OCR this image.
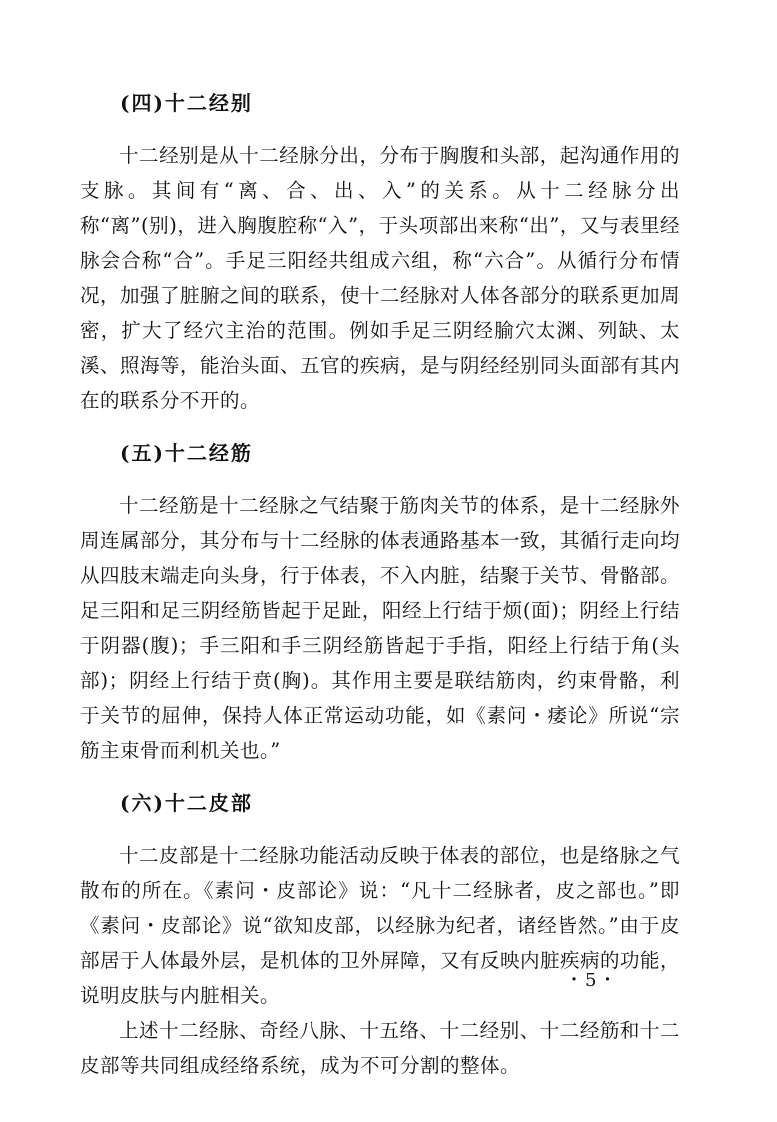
(四)十二经别

十二经别是从十二经脉分出，分布于胸腹和头部，起沟通作用的支脉。其间有“离、合、出、入”的关系。从十二经脉分出称“离”(别)，进入胸腹腔称“入”，于头项部出来称“出”，又与表里经脉会合称“合”。手足三阳经共组成六组，称“六合”。从循行分布情况，加强了脏腑之间的联系，使十二经脉对人体各部分的联系更加周密，扩大了经穴主治的范围。例如手足三阴经腧穴太渊、列缺、太溪、照海等，能治头面、五官的疾病，是与阴经经别同头面部有其内在的联系分不开的。

(五)十二经筋

十二经筋是十二经脉之气结聚于筋肉关节的体系，是十二经脉外周连属部分，其分布与十二经脉的体表通路基本一致，其循行走向均从四肢末端走向头身，行于体表，不入内脏，结聚于关节、骨骼部。足三阳和足三阴经筋皆起于足趾，阳经上行结于烦(面)；阴经上行结于阴器(腹)；手三阳和手三阴经筋皆起于手指，阳经上行结于角(头部)；阴经上行结于贲(胸)。其作用主要是联结筋肉，约束骨骼，利于关节的屈伸，保持人体正常运动功能，如《素问・痿论》所说“宗筋主束骨而利机关也。”

(六)十二皮部

十二皮部是十二经脉功能活动反映于体表的部位，也是络脉之气散布的所在。《素问・皮部论》说：“凡十二经脉者，皮之部也。”即《素问・皮部论》说“欲知皮部，以经脉为纪者，诸经皆然。”由于皮部居于人体最外层，是机体的卫外屏障，又有反映内脏疾病的功能，说明皮肤与内脏相关。

上述十二经脉、奇经八脉、十五络、十二经别、十二经筋和十二皮部等共同组成经络系统，成为不可分割的整体。

・5・
